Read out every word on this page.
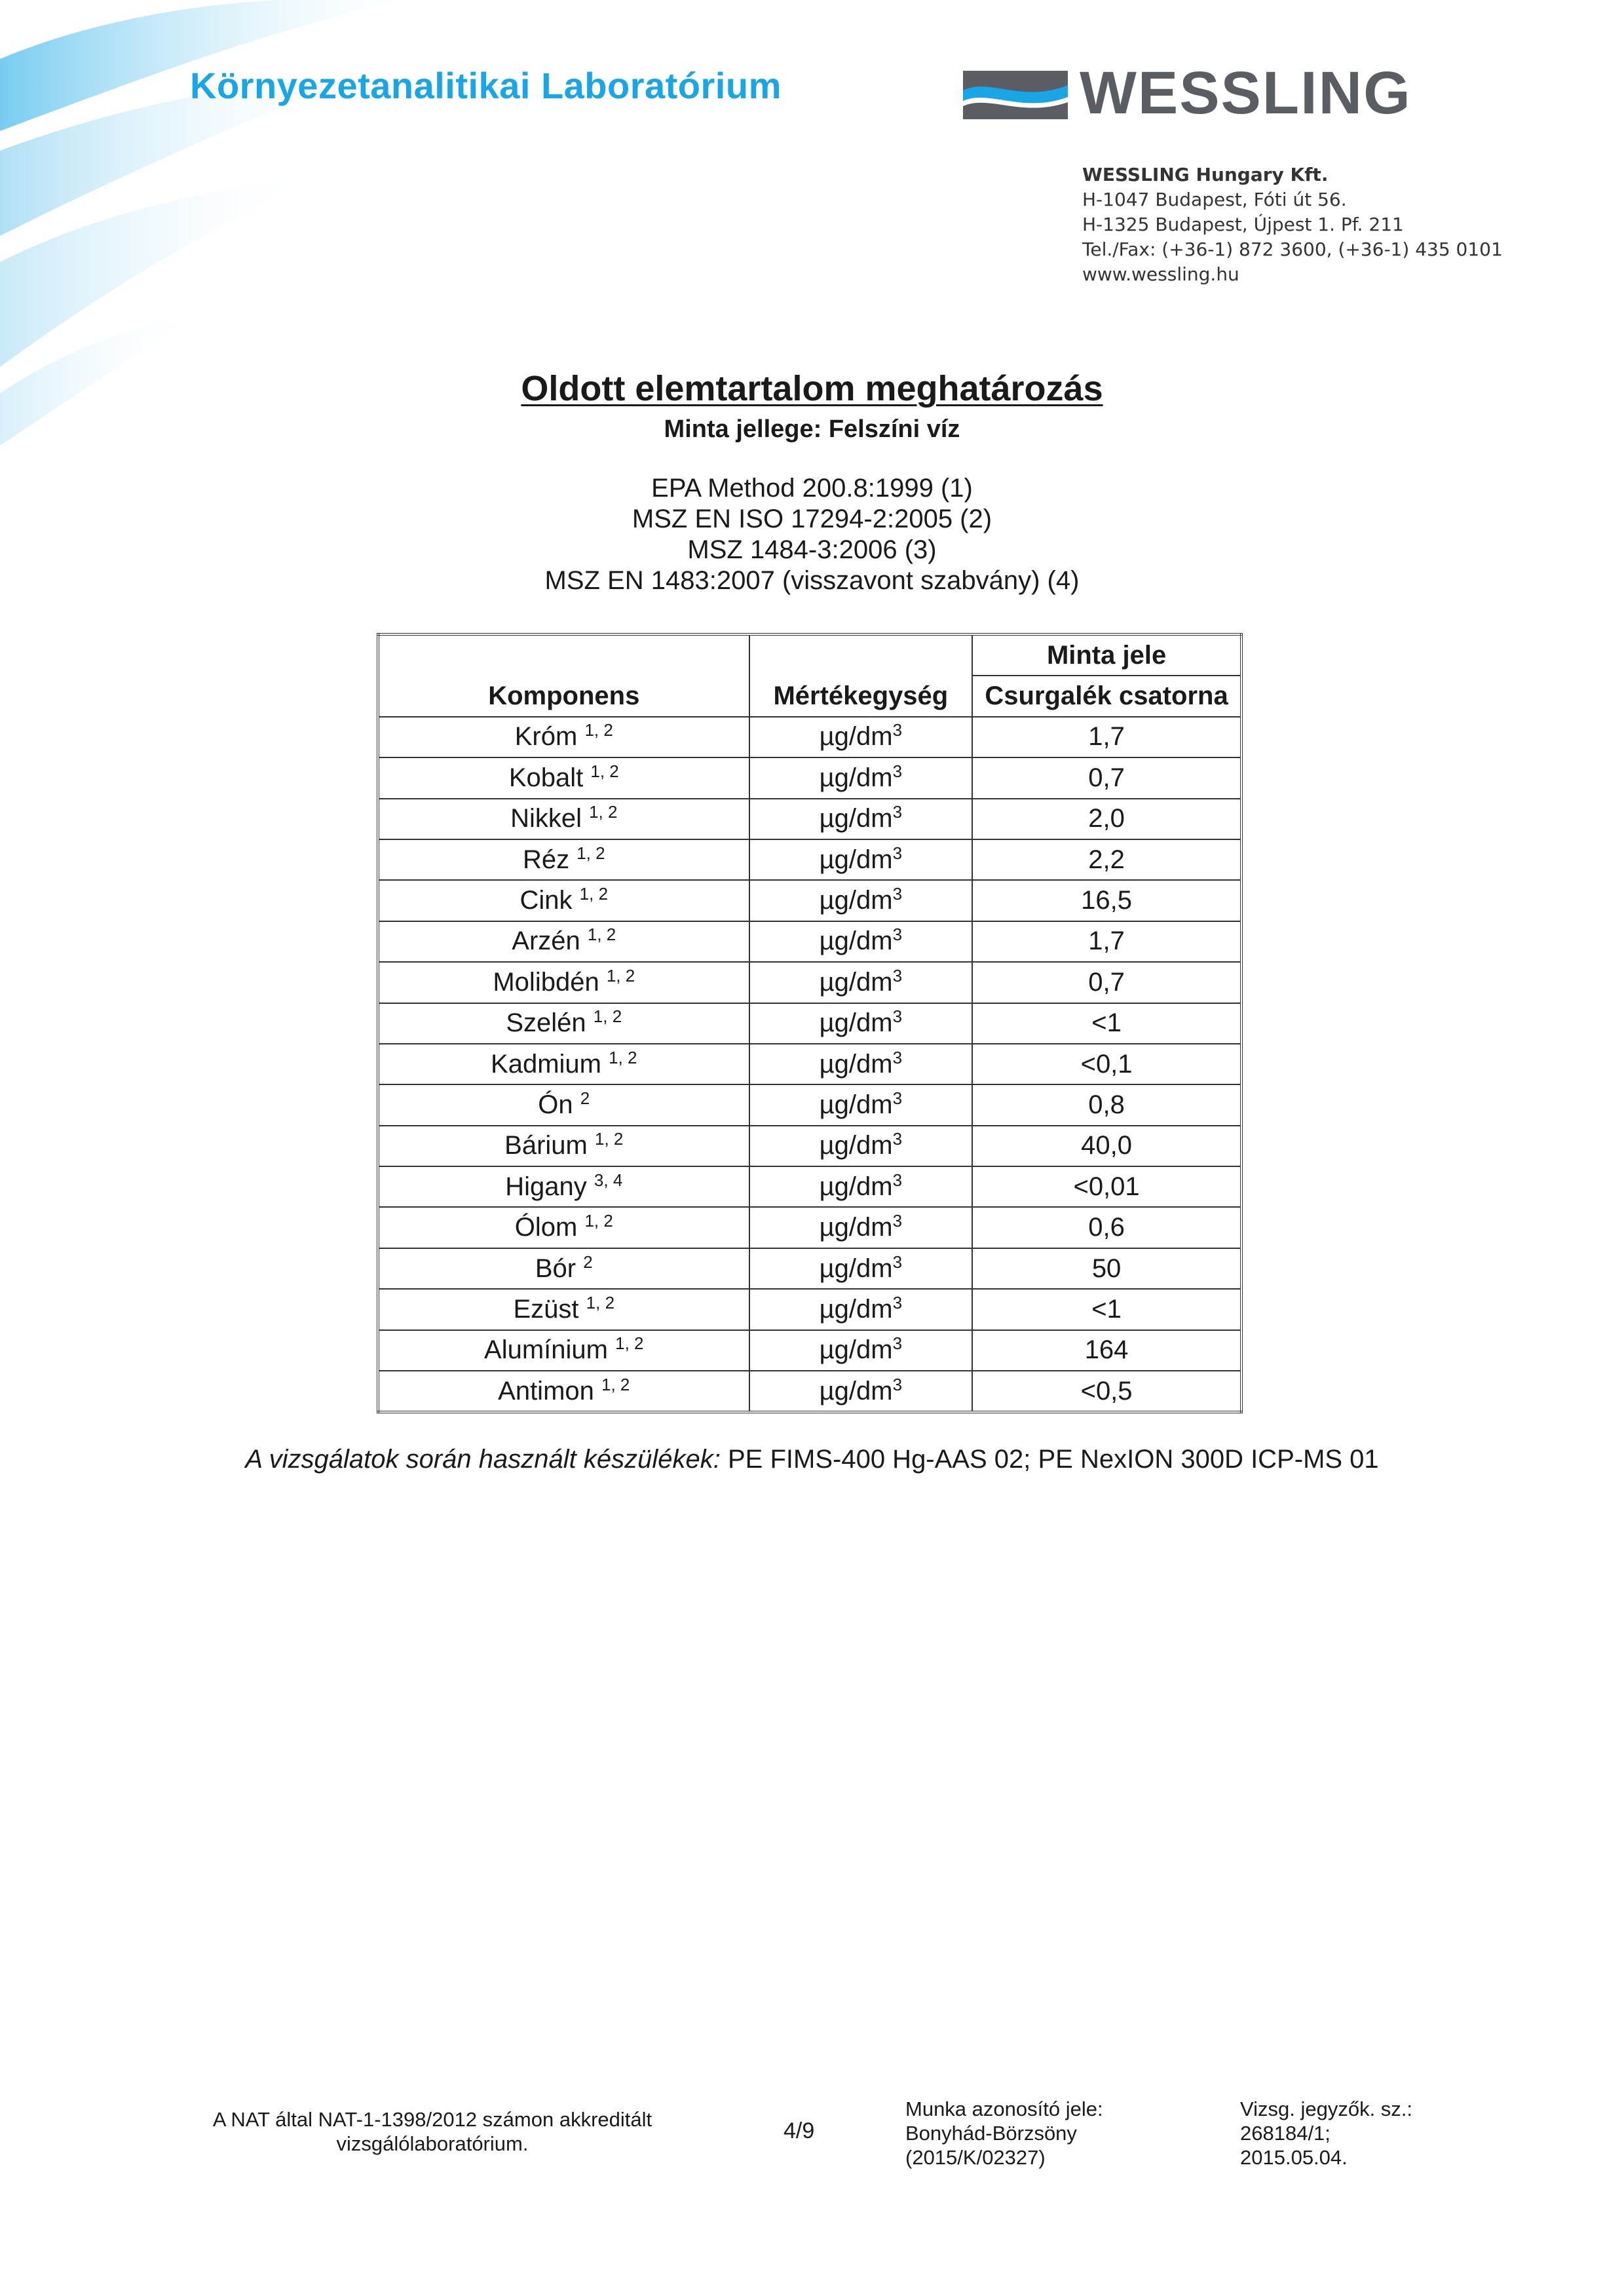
Környezetanalitikai Laboratórium	WESSLING
WESSLING Hungary Kft.
H-1047 Budapest, Fóti út 56.
H-1325 Budapest, Újpest 1. Pf. 211
Tel./Fax: (+36-1) 872 3600, (+36-1) 435 0101
www.wessling.hu
Oldott elemtartalom meghatározás
Minta jellege: Felszíni víz
EPA Method 200.8:1999 (1)
MSZ EN ISO 17294-2:2005 (2)
MSZ 1484-3:2006 (3)
MSZ EN 1483:2007 (visszavont szabvány) (4)
		Minta jele
Komponens	Mértékegység	Csurgalék csatorna
Króm $^{1, 2}$	$\mu g/dm^3$	1,7
Kobalt $^{1, 2}$	$\mu g/dm^3$	0,7
Nikkel $^{1, 2}$	$\mu g/dm^3$	2,0
Réz $^{1, 2}$	$\mu g/dm^3$	2,2
Cink $^{1, 2}$	$\mu g/dm^3$	16,5
Arzén $^{1, 2}$	$\mu g/dm^3$	1,7
Molibdén $^{1, 2}$	$\mu g/dm^3$	0,7
Szelén $^{1, 2}$	$\mu g/dm^3$	<1
Kadmium $^{1, 2}$	$\mu g/dm^3$	<0,1
Ón $^2$	$\mu g/dm^3$	0,8
Bárium $^{1, 2}$	$\mu g/dm^3$	40,0
Higany $^{3, 4}$	$\mu g/dm^3$	<0,01
Ólom $^{1, 2}$	$\mu g/dm^3$	0,6
Bór $^2$	$\mu g/dm^3$	50
Ezüst $^{1, 2}$	$\mu g/dm^3$	<1
Alumínium $^{1, 2}$	$\mu g/dm^3$	164
Antimon $^{1, 2}$	$\mu g/dm^3$	<0,5
A vizsgálatok során használt készülékek: PE FIMS-400 Hg-AAS 02; PE NexION 300D ICP-MS 01
A NAT által NAT-1-1398/2012 számon akkreditált
vizsgálólaboratórium.
4/9
Munka azonosító jele:
Bonyhád-Börzsöny
(2015/K/02327)
Vizsg. jegyzők. sz.:
268184/1;
2015.05.04.
